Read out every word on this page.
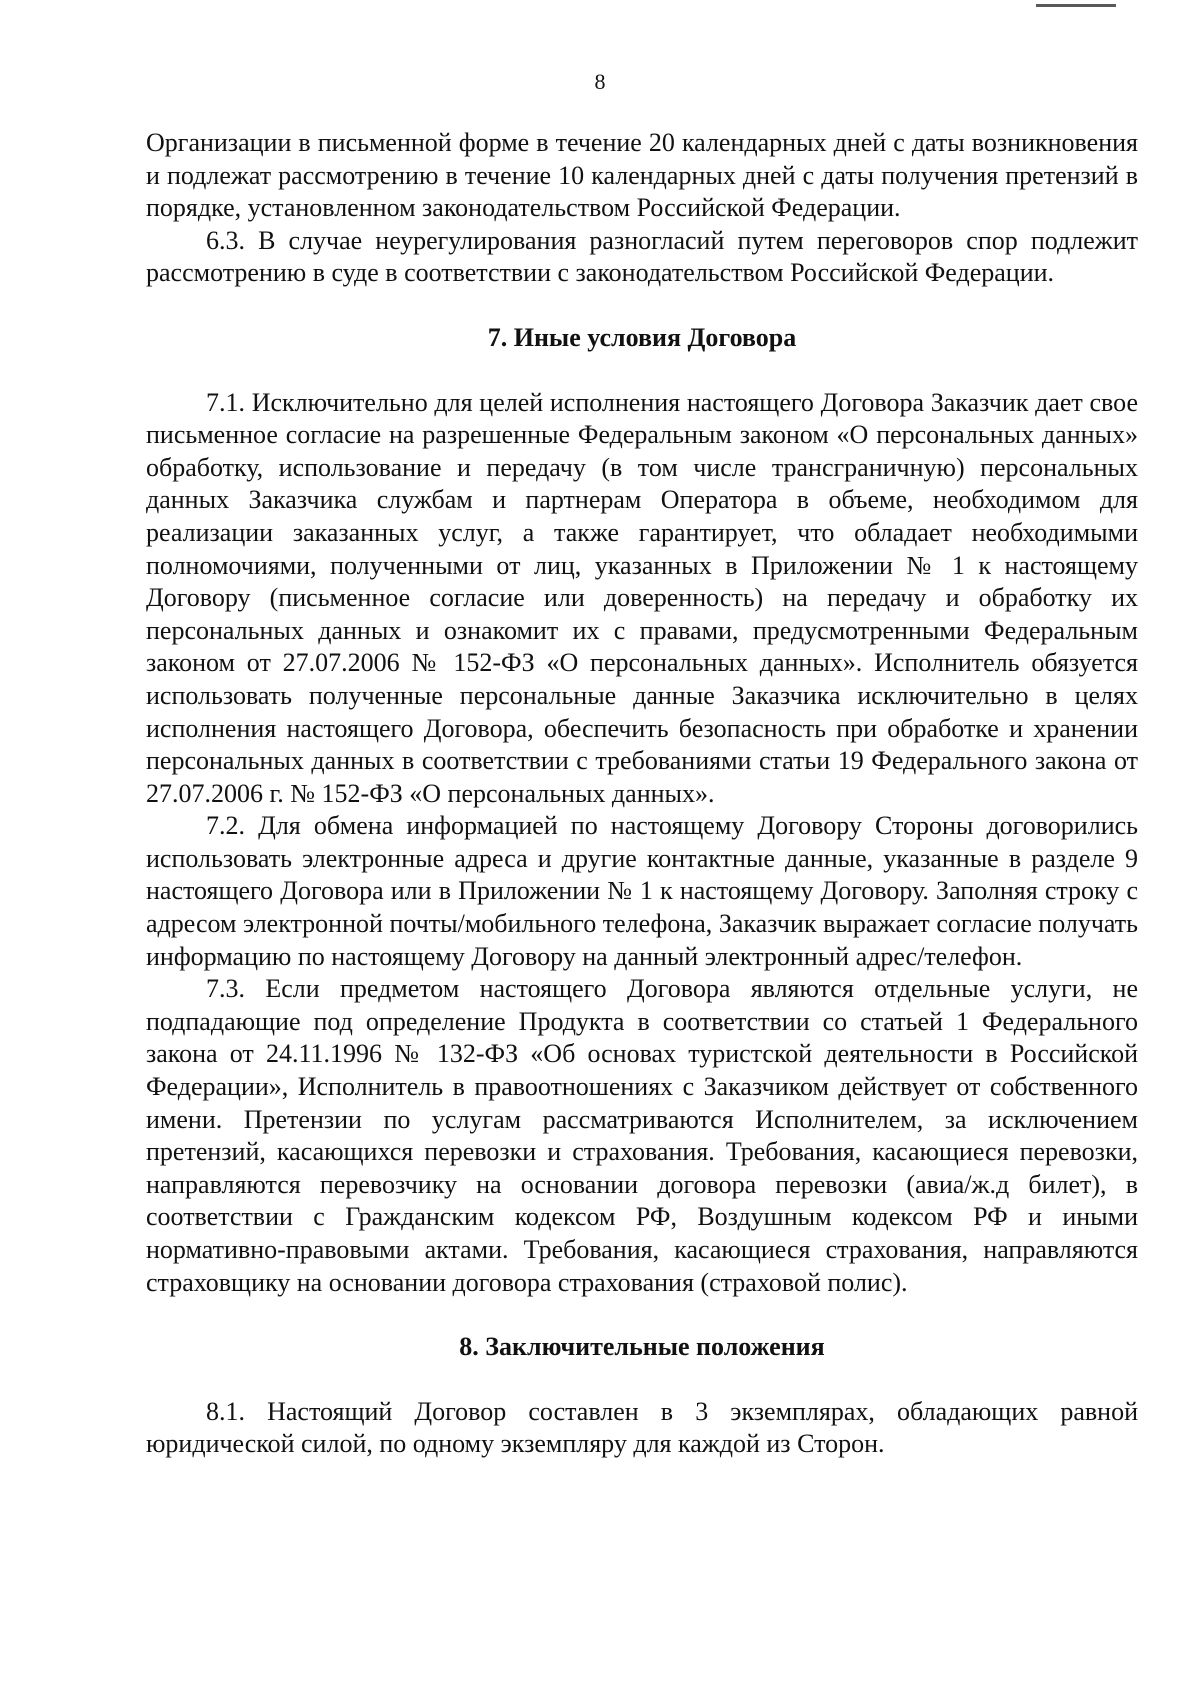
8

Организации в письменной форме в течение 20 календарных дней с даты возникновения и подлежат рассмотрению в течение 10 календарных дней с даты получения претензий в порядке, установленном законодательством Российской Федерации.

6.3. В случае неурегулирования разногласий путем переговоров спор подлежит рассмотрению в суде в соответствии с законодательством Российской Федерации.

7. Иные условия Договора

7.1. Исключительно для целей исполнения настоящего Договора Заказчик дает свое письменное согласие на разрешенные Федеральным законом «О персональных данных» обработку, использование и передачу (в том числе трансграничную) персональных данных Заказчика службам и партнерам Оператора в объеме, необходимом для реализации заказанных услуг, а также гарантирует, что обладает необходимыми полномочиями, полученными от лиц, указанных в Приложении № 1 к настоящему Договору (письменное согласие или доверенность) на передачу и обработку их персональных данных и ознакомит их с правами, предусмотренными Федеральным законом от 27.07.2006 № 152-ФЗ «О персональных данных». Исполнитель обязуется использовать полученные персональные данные Заказчика исключительно в целях исполнения настоящего Договора, обеспечить безопасность при обработке и хранении персональных данных в соответствии с требованиями статьи 19 Федерального закона от 27.07.2006 г. № 152-ФЗ «О персональных данных».

7.2. Для обмена информацией по настоящему Договору Стороны договорились использовать электронные адреса и другие контактные данные, указанные в разделе 9 настоящего Договора или в Приложении № 1 к настоящему Договору. Заполняя строку с адресом электронной почты/мобильного телефона, Заказчик выражает согласие получать информацию по настоящему Договору на данный электронный адрес/телефон.

7.3. Если предметом настоящего Договора являются отдельные услуги, не подпадающие под определение Продукта в соответствии со статьей 1 Федерального закона от 24.11.1996 № 132-ФЗ «Об основах туристской деятельности в Российской Федерации», Исполнитель в правоотношениях с Заказчиком действует от собственного имени. Претензии по услугам рассматриваются Исполнителем, за исключением претензий, касающихся перевозки и страхования. Требования, касающиеся перевозки, направляются перевозчику на основании договора перевозки (авиа/ж.д билет), в соответствии с Гражданским кодексом РФ, Воздушным кодексом РФ и иными нормативно-правовыми актами. Требования, касающиеся страхования, направляются страховщику на основании договора страхования (страховой полис).

8. Заключительные положения

8.1. Настоящий Договор составлен в 3 экземплярах, обладающих равной юридической силой, по одному экземпляру для каждой из Сторон.
